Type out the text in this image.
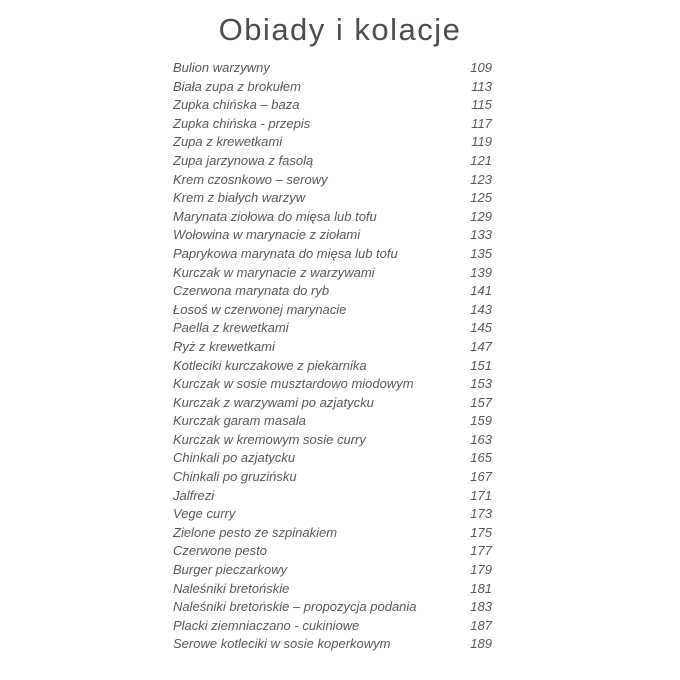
Obiady i kolacje
Bulion warzywny	109
Biała zupa z brokułem	113
Zupka chińska – baza	115
Zupka chińska - przepis	117
Zupa z krewetkami	119
Zupa jarzynowa z fasolą	121
Krem czosnkowo – serowy	123
Krem z białych warzyw	125
Marynata ziołowa do mięsa lub tofu	129
Wołowina w marynacie z ziołami	133
Paprykowa marynata do mięsa lub tofu	135
Kurczak w marynacie z warzywami	139
Czerwona marynata do ryb	141
Łosoś w czerwonej marynacie	143
Paella z krewetkami	145
Ryż z krewetkami	147
Kotleciki kurczakowe z piekarnika	151
Kurczak w sosie musztardowo miodowym	153
Kurczak z warzywami po azjatycku	157
Kurczak garam masala	159
Kurczak w kremowym sosie curry	163
Chinkali po azjatycku	165
Chinkali po gruzińsku	167
Jalfrezi	171
Vege curry	173
Zielone pesto ze szpinakiem	175
Czerwone pesto	177
Burger pieczarkowy	179
Naleśniki bretońskie	181
Naleśniki bretońskie – propozycja podania	183
Placki ziemniaczano - cukiniowe	187
Serowe kotleciki w sosie koperkowym	189
